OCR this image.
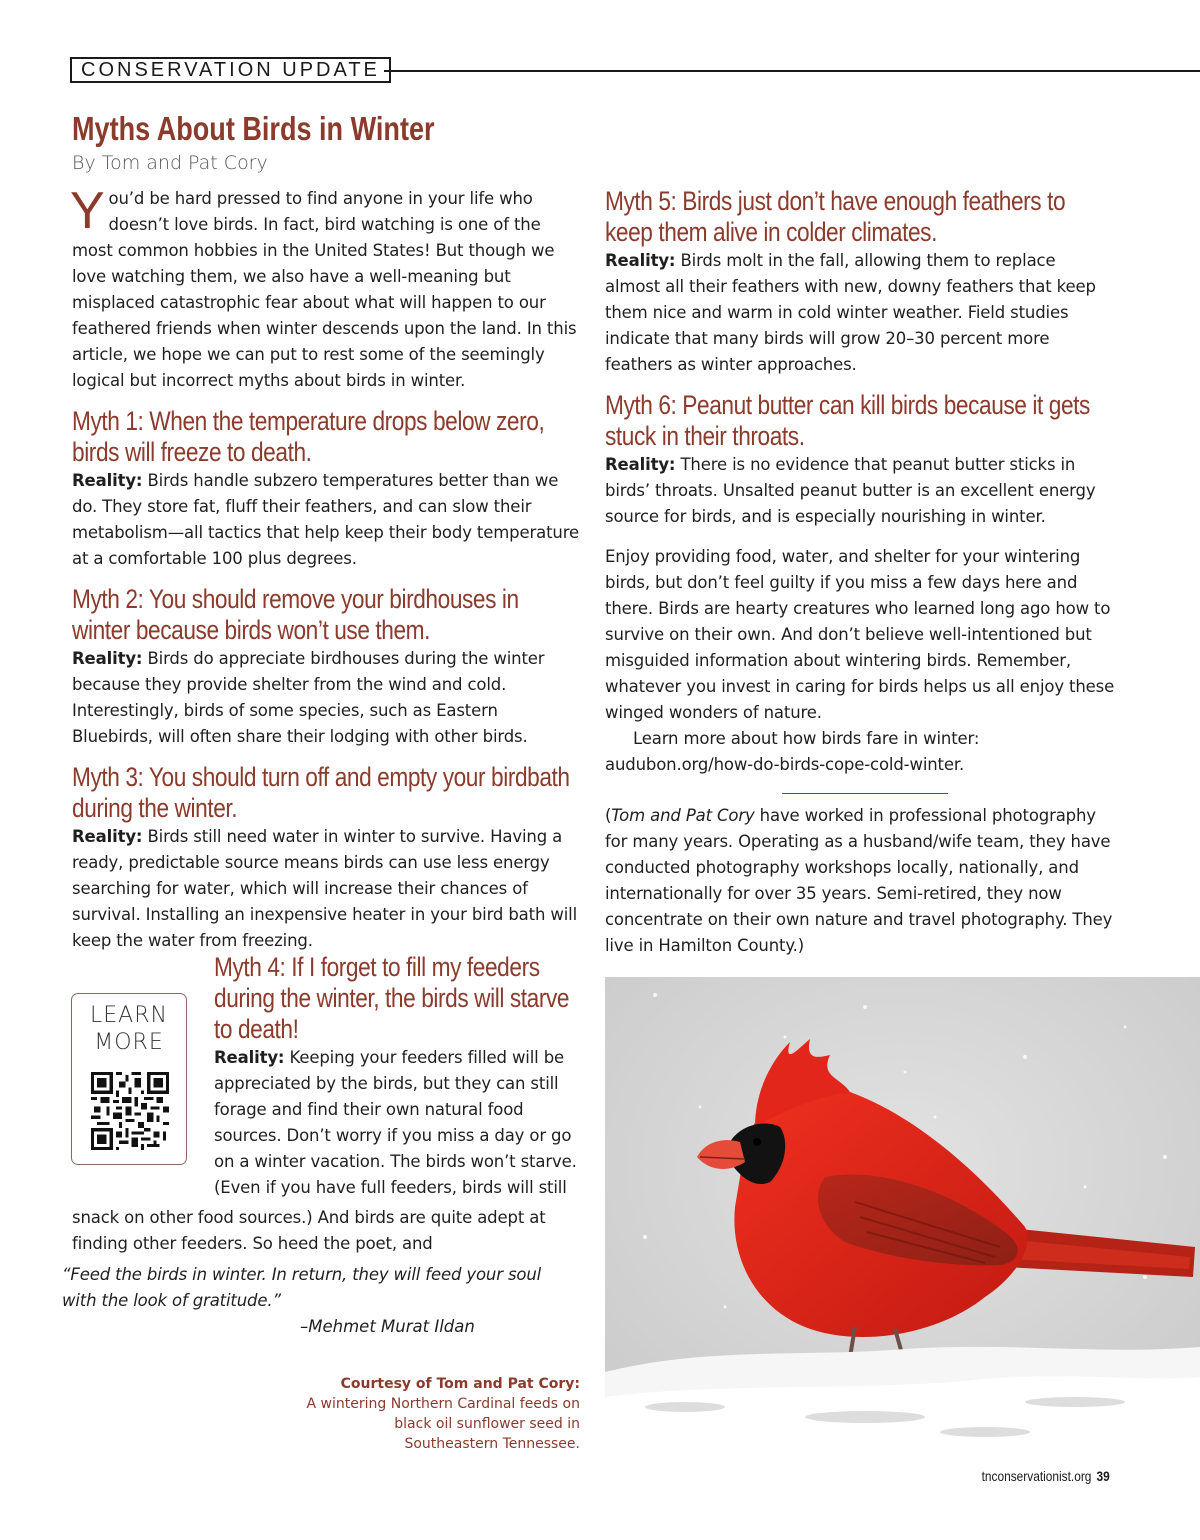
CONSERVATION UPDATE
Myths About Birds in Winter
By Tom and Pat Cory

You’d be hard pressed to find anyone in your life who doesn’t love birds. In fact, bird watching is one of the most common hobbies in the United States! But though we love watching them, we also have a well-meaning but misplaced catastrophic fear about what will happen to our feathered friends when winter descends upon the land. In this article, we hope we can put to rest some of the seemingly logical but incorrect myths about birds in winter.

Myth 1: When the temperature drops below zero, birds will freeze to death.

Reality: Birds handle subzero temperatures better than we do. They store fat, fluff their feathers, and can slow their metabolism—all tactics that help keep their body temperature at a comfortable 100 plus degrees.

Myth 2: You should remove your birdhouses in winter because birds won’t use them.

Reality: Birds do appreciate birdhouses during the winter because they provide shelter from the wind and cold. Interestingly, birds of some species, such as Eastern Bluebirds, will often share their lodging with other birds.

Myth 3: You should turn off and empty your birdbath during the winter.

Reality: Birds still need water in winter to survive. Having a ready, predictable source means birds can use less energy searching for water, which will increase their chances of survival. Installing an inexpensive heater in your bird bath will keep the water from freezing.

LEARN
MORE
Myth 4: If I forget to fill my feeders during the winter, the birds will starve to death!

Reality: Keeping your feeders filled will be appreciated by the birds, but they can still forage and find their own natural food sources. Don’t worry if you miss a day or go on a winter vacation. The birds won’t starve. (Even if you have full feeders, birds will still

snack on other food sources.) And birds are quite adept at finding other feeders. So heed the poet, and

“Feed the birds in winter. In return, they will feed your soul with the look of gratitude.”
–Mehmet Murat Ildan
Courtesy of Tom and Pat Cory:
A wintering Northern Cardinal feeds on black oil sunflower seed in Southeastern Tennessee.
Myth 5: Birds just don’t have enough feathers to keep them alive in colder climates.

Reality: Birds molt in the fall, allowing them to replace almost all their feathers with new, downy feathers that keep them nice and warm in cold winter weather. Field studies indicate that many birds will grow 20–30 percent more feathers as winter approaches.

Myth 6: Peanut butter can kill birds because it gets stuck in their throats.

Reality: There is no evidence that peanut butter sticks in birds’ throats. Unsalted peanut butter is an excellent energy source for birds, and is especially nourishing in winter.

Enjoy providing food, water, and shelter for your wintering birds, but don’t feel guilty if you miss a few days here and there. Birds are hearty creatures who learned long ago how to survive on their own. And don’t believe well-intentioned but misguided information about wintering birds. Remember, whatever you invest in caring for birds helps us all enjoy these winged wonders of nature.

Learn more about how birds fare in winter: audubon.org/how-do-birds-cope-cold-winter.

(Tom and Pat Cory have worked in professional photography for many years. Operating as a husband/wife team, they have conducted photography workshops locally, nationally, and internationally for over 35 years. Semi-retired, they now concentrate on their own nature and travel photography. They live in Hamilton County.)

tnconservationist.org 39
